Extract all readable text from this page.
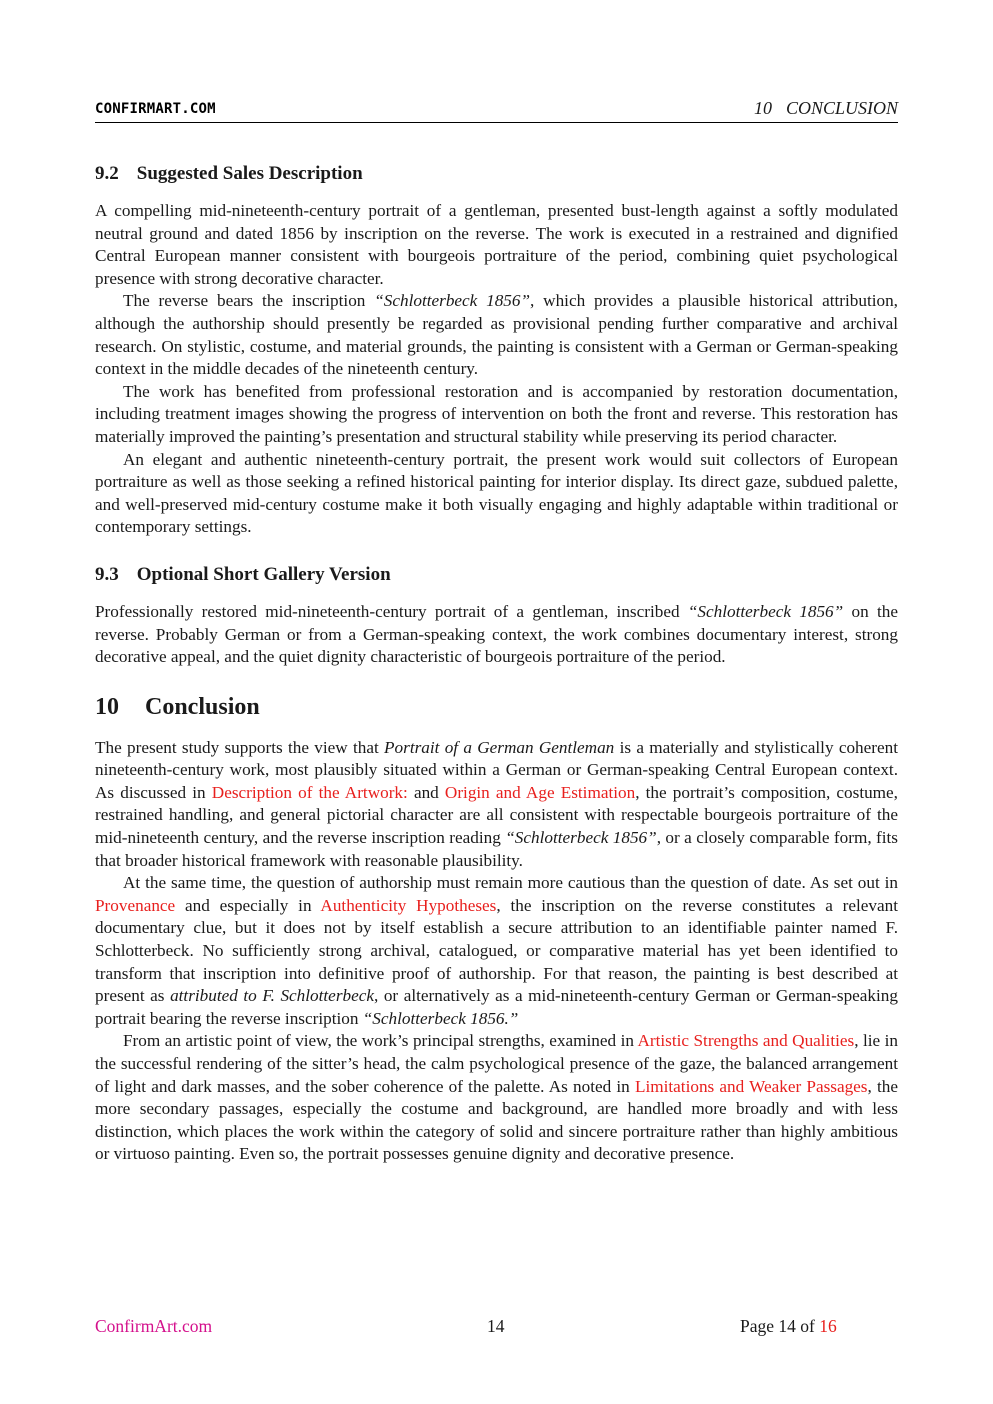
CONFIRMART.COM	10 CONCLUSION
9.2 Suggested Sales Description

A compelling mid-nineteenth-century portrait of a gentleman, presented bust-length against a softly modulated neutral ground and dated 1856 by inscription on the reverse. The work is executed in a restrained and dignified Central European manner consistent with bourgeois portraiture of the period, combining quiet psychological presence with strong decorative character.

The reverse bears the inscription “Schlotterbeck 1856”, which provides a plausible historical attribution, although the authorship should presently be regarded as provisional pending further comparative and archival research. On stylistic, costume, and material grounds, the painting is consistent with a German or German-speaking context in the middle decades of the nineteenth century.

The work has benefited from professional restoration and is accompanied by restoration documentation, including treatment images showing the progress of intervention on both the front and reverse. This restoration has materially improved the painting’s presentation and structural stability while preserving its period character.

An elegant and authentic nineteenth-century portrait, the present work would suit collectors of European portraiture as well as those seeking a refined historical painting for interior display. Its direct gaze, subdued palette, and well-preserved mid-century costume make it both visually engaging and highly adaptable within traditional or contemporary settings.

9.3 Optional Short Gallery Version

Professionally restored mid-nineteenth-century portrait of a gentleman, inscribed “Schlotterbeck 1856” on the reverse. Probably German or from a German-speaking context, the work combines documentary interest, strong decorative appeal, and the quiet dignity characteristic of bourgeois portraiture of the period.

10 Conclusion

The present study supports the view that Portrait of a German Gentleman is a materially and stylistically coherent nineteenth-century work, most plausibly situated within a German or German-speaking Central European context. As discussed in Description of the Artwork: and Origin and Age Estimation, the portrait’s composition, costume, restrained handling, and general pictorial character are all consistent with respectable bourgeois portraiture of the mid-nineteenth century, and the reverse inscription reading “Schlotterbeck 1856”, or a closely comparable form, fits that broader historical framework with reasonable plausibility.

At the same time, the question of authorship must remain more cautious than the question of date. As set out in Provenance and especially in Authenticity Hypotheses, the inscription on the reverse constitutes a relevant documentary clue, but it does not by itself establish a secure attribution to an identifiable painter named F. Schlotterbeck. No sufficiently strong archival, catalogued, or comparative material has yet been identified to transform that inscription into definitive proof of authorship. For that reason, the painting is best described at present as attributed to F. Schlotterbeck, or alternatively as a mid-nineteenth-century German or German-speaking portrait bearing the reverse inscription “Schlotterbeck 1856.”

From an artistic point of view, the work’s principal strengths, examined in Artistic Strengths and Qualities, lie in the successful rendering of the sitter’s head, the calm psychological presence of the gaze, the balanced arrangement of light and dark masses, and the sober coherence of the palette. As noted in Limitations and Weaker Passages, the more secondary passages, especially the costume and background, are handled more broadly and with less distinction, which places the work within the category of solid and sincere portraiture rather than highly ambitious or virtuoso painting. Even so, the portrait possesses genuine dignity and decorative presence.

ConfirmArt.com	14	Page 14 of 16
